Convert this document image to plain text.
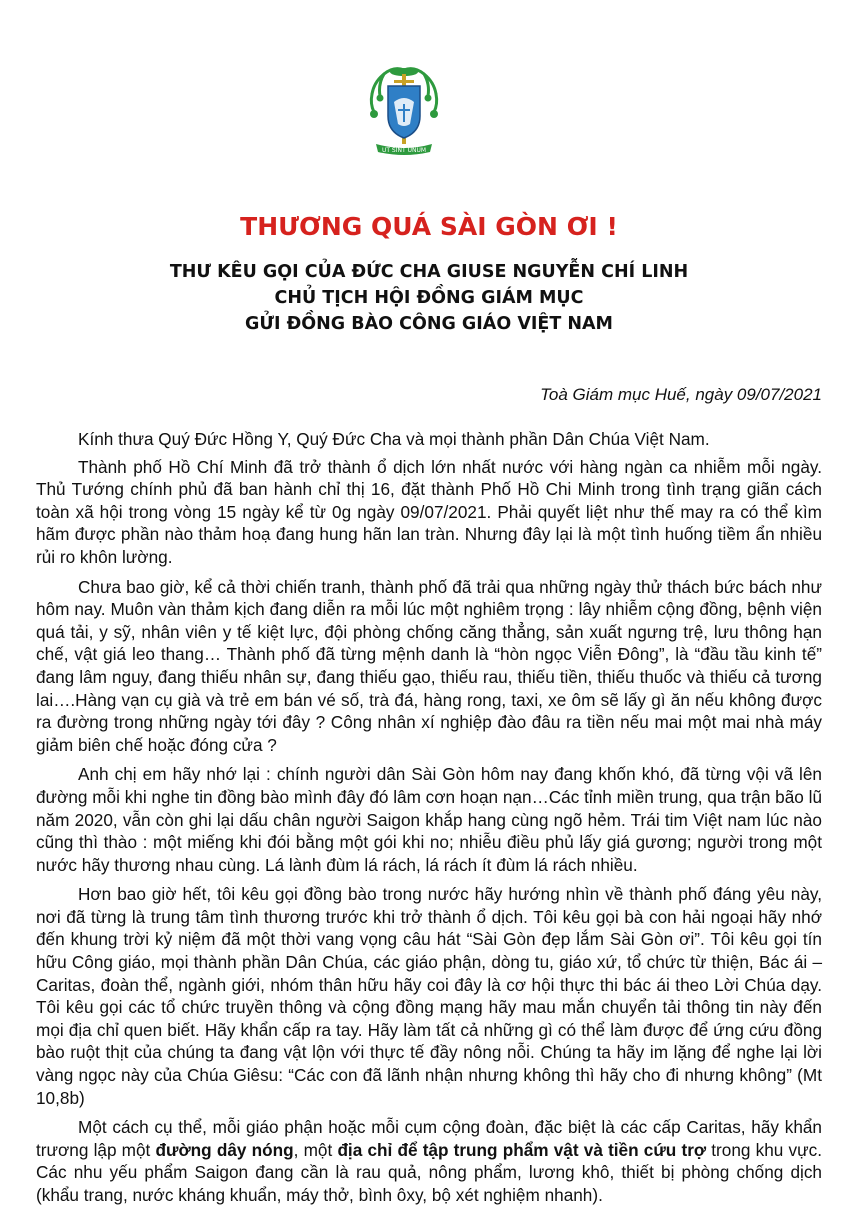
UT SINT UNUM
THƯƠNG QUÁ SÀI GÒN ƠI !
THƯ KÊU GỌI CỦA ĐỨC CHA GIUSE NGUYỄN CHÍ LINH
CHỦ TỊCH HỘI ĐỒNG GIÁM MỤC
GỬI ĐỒNG BÀO CÔNG GIÁO VIỆT NAM
Toà Giám mục Huế, ngày 09/07/2021

Kính thưa Quý Đức Hồng Y, Quý Đức Cha và mọi thành phần Dân Chúa Việt Nam.

Thành phố Hồ Chí Minh đã trở thành ổ dịch lớn nhất nước với hàng ngàn ca nhiễm mỗi ngày. Thủ Tướng chính phủ đã ban hành chỉ thị 16, đặt thành Phố Hồ Chi Minh trong tình trạng giãn cách toàn xã hội trong vòng 15 ngày kể từ 0g ngày 09/07/2021. Phải quyết liệt như thế may ra có thể kìm hãm được phần nào thảm hoạ đang hung hãn lan tràn. Nhưng đây lại là một tình huống tiềm ẩn nhiều rủi ro khôn lường.

Chưa bao giờ, kể cả thời chiến tranh, thành phố đã trải qua những ngày thử thách bức bách như hôm nay. Muôn vàn thảm kịch đang diễn ra mỗi lúc một nghiêm trọng : lây nhiễm cộng đồng, bệnh viện quá tải, y sỹ, nhân viên y tế kiệt lực, đội phòng chống căng thẳng, sản xuất ngưng trệ, lưu thông hạn chế, vật giá leo thang… Thành phố đã từng mệnh danh là “hòn ngọc Viễn Đông”, là “đầu tầu kinh tế” đang lâm nguy, đang thiếu nhân sự, đang thiếu gạo, thiếu rau, thiếu tiền, thiếu thuốc và thiếu cả tương lai….Hàng vạn cụ già và trẻ em bán vé số, trà đá, hàng rong, taxi, xe ôm sẽ lấy gì ăn nếu không được ra đường trong những ngày tới đây ? Công nhân xí nghiệp đào đâu ra tiền nếu mai một mai nhà máy giảm biên chế hoặc đóng cửa ?

Anh chị em hãy nhớ lại : chính người dân Sài Gòn hôm nay đang khốn khó, đã từng vội vã lên đường mỗi khi nghe tin đồng bào mình đây đó lâm cơn hoạn nạn…Các tỉnh miền trung, qua trận bão lũ năm 2020, vẫn còn ghi lại dấu chân người Saigon khắp hang cùng ngõ hẻm. Trái tim Việt nam lúc nào cũng thì thào : một miếng khi đói bằng một gói khi no; nhiễu điều phủ lấy giá gương; người trong một nước hãy thương nhau cùng. Lá lành đùm lá rách, lá rách ít đùm lá rách nhiều.

Hơn bao giờ hết, tôi kêu gọi đồng bào trong nước hãy hướng nhìn về thành phố đáng yêu này, nơi đã từng là trung tâm tình thương trước khi trở thành ổ dịch. Tôi kêu gọi bà con hải ngoại hãy nhớ đến khung trời kỷ niệm đã một thời vang vọng câu hát “Sài Gòn đẹp lắm Sài Gòn ơi”. Tôi kêu gọi tín hữu Công giáo, mọi thành phần Dân Chúa, các giáo phận, dòng tu, giáo xứ, tổ chức từ thiện, Bác ái – Caritas, đoàn thể, ngành giới, nhóm thân hữu hãy coi đây là cơ hội thực thi bác ái theo Lời Chúa dạy. Tôi kêu gọi các tổ chức truyền thông và cộng đồng mạng hãy mau mắn chuyển tải thông tin này đến mọi địa chỉ quen biết. Hãy khẩn cấp ra tay. Hãy làm tất cả những gì có thể làm được để ứng cứu đồng bào ruột thịt của chúng ta đang vật lộn với thực tế đầy nông nỗi. Chúng ta hãy im lặng để nghe lại lời vàng ngọc này của Chúa Giêsu: “Các con đã lãnh nhận nhưng không thì hãy cho đi nhưng không” (Mt 10,8b)

Một cách cụ thể, mỗi giáo phận hoặc mỗi cụm cộng đoàn, đặc biệt là các cấp Caritas, hãy khẩn trương lập một đường dây nóng, một địa chỉ để tập trung phẩm vật và tiền cứu trợ trong khu vực. Các nhu yếu phẩm Saigon đang cần là rau quả, nông phẩm, lương khô, thiết bị phòng chống dịch (khẩu trang, nước kháng khuẩn, máy thở, bình ôxy, bộ xét nghiệm nhanh).
